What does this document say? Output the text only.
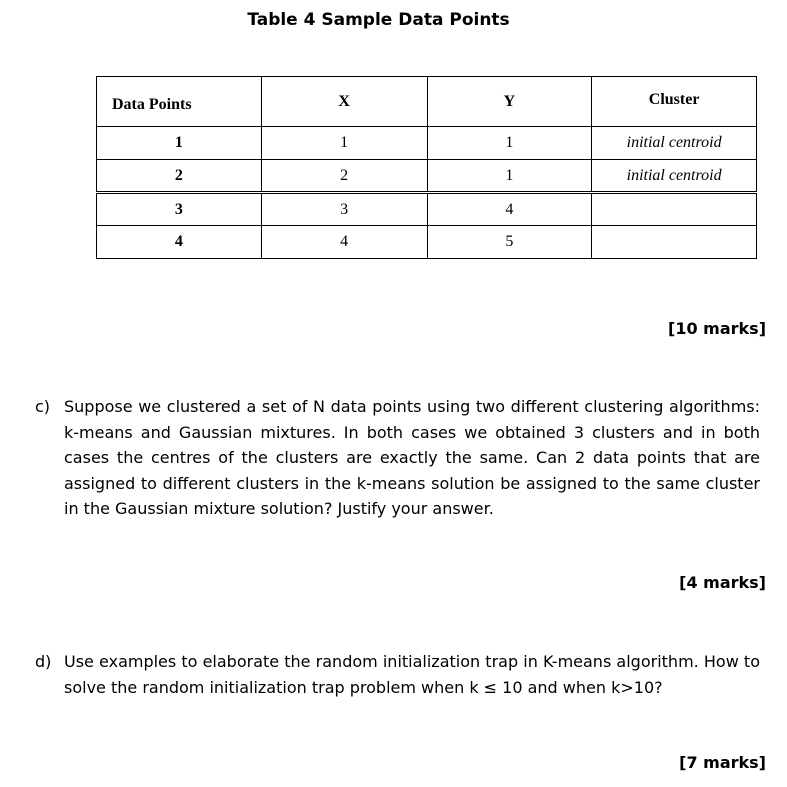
Table 4 Sample Data Points
Data Points	X	Y	Cluster
1	1	1	initial centroid
2	2	1	initial centroid
3	3	4	
4	4	5	
[10 marks]
c) Suppose we clustered a set of N data points using two different clustering algorithms: k-means and Gaussian mixtures. In both cases we obtained 3 clusters and in both cases the centres of the clusters are exactly the same. Can 2 data points that are assigned to different clusters in the k-means solution be assigned to the same cluster in the Gaussian mixture solution? Justify your answer.
[4 marks]
d) Use examples to elaborate the random initialization trap in K-means algorithm. How to solve the random initialization trap problem when k ≤ 10 and when k>10?
[7 marks]
